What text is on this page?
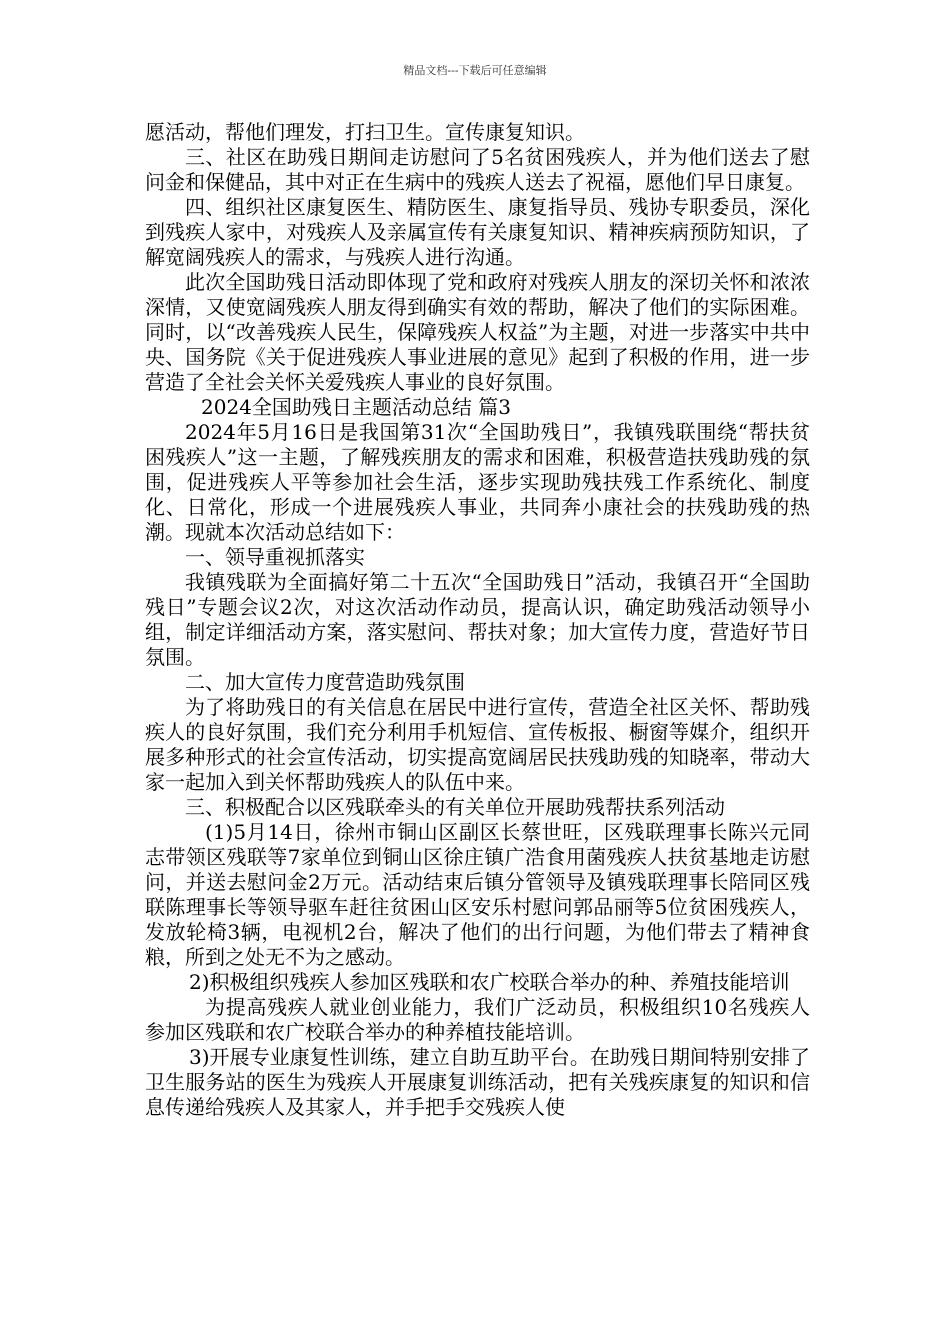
精品文档---下载后可任意编辑

愿活动，帮他们理发，打扫卫生。宣传康复知识。

三、社区在助残日期间走访慰问了5名贫困残疾人，并为他们送去了慰问金和保健品，其中对正在生病中的残疾人送去了祝福，愿他们早日康复。

四、组织社区康复医生、精防医生、康复指导员、残协专职委员，深化到残疾人家中，对残疾人及亲属宣传有关康复知识、精神疾病预防知识，了解宽阔残疾人的需求，与残疾人进行沟通。

此次全国助残日活动即体现了党和政府对残疾人朋友的深切关怀和浓浓深情，又使宽阔残疾人朋友得到确实有效的帮助，解决了他们的实际困难。同时，以“改善残疾人民生，保障残疾人权益”为主题，对进一步落实中共中央、国务院《关于促进残疾人事业进展的意见》起到了积极的作用，进一步营造了全社会关怀关爱残疾人事业的良好氛围。

2024全国助残日主题活动总结 篇3

2024年5月16日是我国第31次“全国助残日”，我镇残联围绕“帮扶贫困残疾人”这一主题，了解残疾朋友的需求和困难，积极营造扶残助残的氛围，促进残疾人平等参加社会生活，逐步实现助残扶残工作系统化、制度化、日常化，形成一个进展残疾人事业，共同奔小康社会的扶残助残的热潮。现就本次活动总结如下：

一、领导重视抓落实

我镇残联为全面搞好第二十五次“全国助残日”活动，我镇召开“全国助残日”专题会议2次，对这次活动作动员，提高认识，确定助残活动领导小组，制定详细活动方案，落实慰问、帮扶对象；加大宣传力度，营造好节日氛围。

二、加大宣传力度营造助残氛围

为了将助残日的有关信息在居民中进行宣传，营造全社区关怀、帮助残疾人的良好氛围，我们充分利用手机短信、宣传板报、橱窗等媒介，组织开展多种形式的社会宣传活动，切实提高宽阔居民扶残助残的知晓率，带动大家一起加入到关怀帮助残疾人的队伍中来。

三、积极配合以区残联牵头的有关单位开展助残帮扶系列活动

(1)5月14日，徐州市铜山区副区长蔡世旺，区残联理事长陈兴元同志带领区残联等7家单位到铜山区徐庄镇广浩食用菌残疾人扶贫基地走访慰问，并送去慰问金2万元。活动结束后镇分管领导及镇残联理事长陪同区残联陈理事长等领导驱车赶往贫困山区安乐村慰问郭品丽等5位贫困残疾人，发放轮椅3辆，电视机2台，解决了他们的出行问题，为他们带去了精神食粮，所到之处无不为之感动。

2)积极组织残疾人参加区残联和农广校联合举办的种、养殖技能培训

为提高残疾人就业创业能力，我们广泛动员，积极组织10名残疾人参加区残联和农广校联合举办的种养植技能培训。

3)开展专业康复性训练，建立自助互助平台。在助残日期间特别安排了卫生服务站的医生为残疾人开展康复训练活动，把有关残疾康复的知识和信息传递给残疾人及其家人，并手把手交残疾人使
